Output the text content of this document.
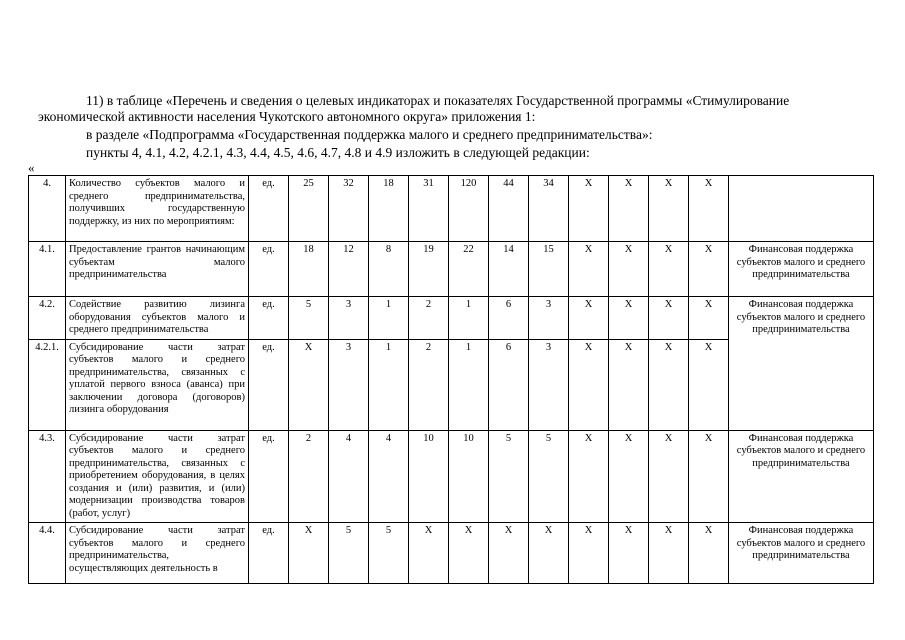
11) в таблице «Перечень и сведения о целевых индикаторах и показателях Государственной программы «Стимулирование
экономической активности населения Чукотского автономного округа» приложения 1:
в разделе «Подпрограмма «Государственная поддержка малого и среднего предпринимательства»:
пункты 4, 4.1, 4.2, 4.2.1, 4.3, 4.4, 4.5, 4.6, 4.7, 4.8 и 4.9 изложить в следующей редакции:
«
4.	Количество субъектов малого и среднего предпринимательства, получивших государственную поддержку, из них по мероприятиям:	ед.	25	32	18	31	120	44	34	X	X	X	X	
4.1.	Предоставление грантов начинающим субъектам малого предпринимательства	ед.	18	12	8	19	22	14	15	X	X	X	X	Финансовая поддержка субъектов малого и среднего предпринимательства
4.2.	Содействие развитию лизинга оборудования субъектов малого и среднего предпринимательства	ед.	5	3	1	2	1	6	3	X	X	X	X	Финансовая поддержка субъектов малого и среднего предпринимательства
4.2.1.	Субсидирование части затрат субъектов малого и среднего предпринимательства, связанных с уплатой первого взноса (аванса) при заключении договора (договоров) лизинга оборудования	ед.	X	3	1	2	1	6	3	X	X	X	X	
4.3.	Субсидирование части затрат субъектов малого и среднего предпринимательства, связанных с приобретением оборудования, в целях создания и (или) развития, и (или) модернизации производства товаров (работ, услуг)	ед.	2	4	4	10	10	5	5	X	X	X	X	Финансовая поддержка субъектов малого и среднего предпринимательства
4.4.	Субсидирование части затрат субъектов малого и среднего предпринимательства, осуществляющих деятельность в	ед.	X	5	5	X	X	X	X	X	X	X	X	Финансовая поддержка субъектов малого и среднего предпринимательства
